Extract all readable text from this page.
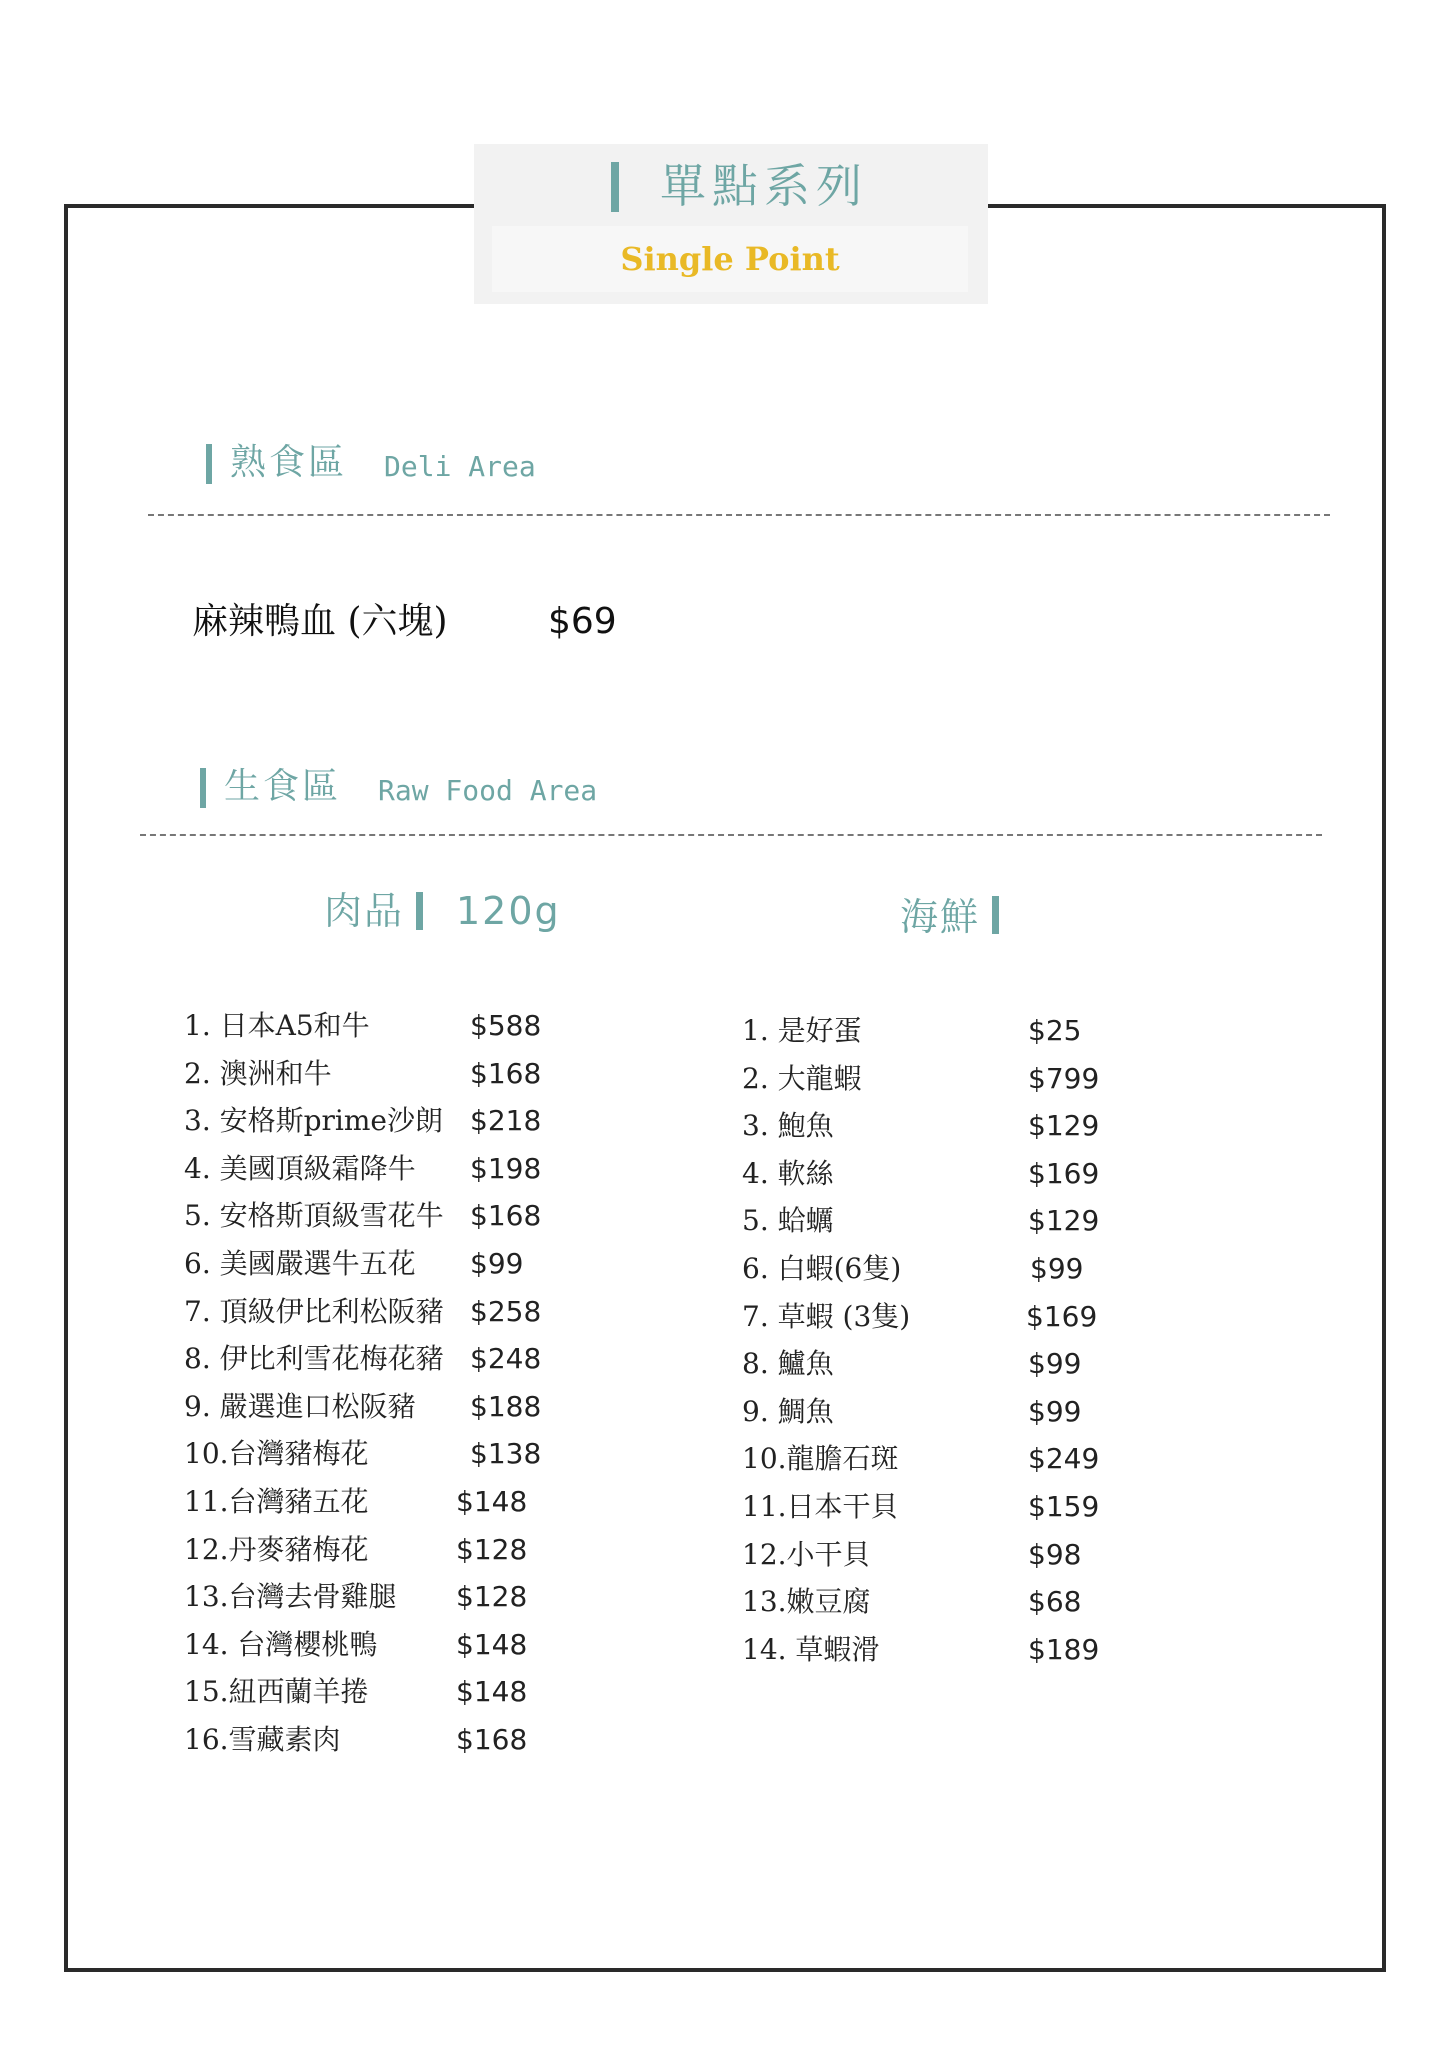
單點系列
Single Point
熟食區 Deli Area
麻辣鴨血 (六塊)	$69
生食區 Raw Food Area
肉品 120g	海鮮
1. 日本A5和牛	$588
2. 澳洲和牛	$168
3. 安格斯prime沙朗 $218
4. 美國頂級霜降牛 $198
5. 安格斯頂級雪花牛 $168
6. 美國嚴選牛五花 $99
7. 頂級伊比利松阪豬 $258
8. 伊比利雪花梅花豬 $248
9. 嚴選進口松阪豬 $188
10.台灣豬梅花	$138
11.台灣豬五花	$148
12.丹麥豬梅花	$128
13.台灣去骨雞腿 $128
14. 台灣櫻桃鴨	$148
15.紐西蘭羊捲	$148
16.雪藏素肉	$168
1. 是好蛋	$25
2. 大龍蝦	$799
3. 鮑魚	$129
4. 軟絲	$169
5. 蛤蠣	$129
6. 白蝦(6隻)	$99
7. 草蝦 (3隻)	$169
8. 鱸魚	$99
9. 鯛魚	$99
10.龍膽石斑	$249
11.日本干貝	$159
12.小干貝	$98
13.嫩豆腐	$68
14. 草蝦滑	$189
